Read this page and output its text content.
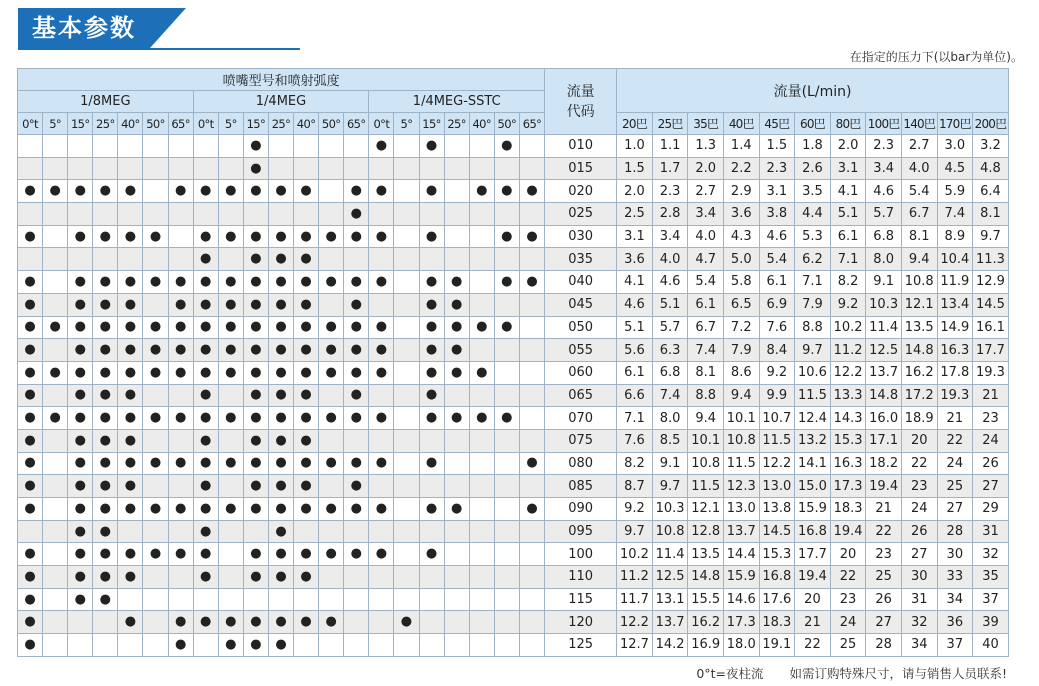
基本参数
在指定的压力下(以bar为单位)。
喷嘴型号和喷射弧度																					流量
代码	流量(L/min)										
1/8MEG							1/4MEG							1/4MEG-SSTC																		
0°t	5°	15°	25°	40°	50°	65°	0°t	5°	15°	25°	40°	50°	65°	0°t	5°	15°	25°	40°	50°	65°		20巴	25巴	35巴	40巴	45巴	60巴	80巴	100巴	140巴	170巴	200巴
									●					●		●			●		010	1.0	1.1	1.3	1.4	1.5	1.8	2.0	2.3	2.7	3.0	3.2
									●												015	1.5	1.7	2.0	2.2	2.3	2.6	3.1	3.4	4.0	4.5	4.8
●	●	●	●	●		●	●	●	●	●	●		●	●		●		●	●	●	020	2.0	2.3	2.7	2.9	3.1	3.5	4.1	4.6	5.4	5.9	6.4
													●								025	2.5	2.8	3.4	3.6	3.8	4.4	5.1	5.7	6.7	7.4	8.1
●		●	●	●	●		●	●	●	●	●	●	●	●		●			●	●	030	3.1	3.4	4.0	4.3	4.6	5.3	6.1	6.8	8.1	8.9	9.7
							●		●	●	●										035	3.6	4.0	4.7	5.0	5.4	6.2	7.1	8.0	9.4	10.4	11.3
●		●	●	●	●	●	●	●	●	●	●	●	●	●		●	●		●	●	040	4.1	4.6	5.4	5.8	6.1	7.1	8.2	9.1	10.8	11.9	12.9
●		●	●	●		●	●	●	●	●	●		●			●	●				045	4.6	5.1	6.1	6.5	6.9	7.9	9.2	10.3	12.1	13.4	14.5
●	●	●	●	●	●	●	●	●	●	●	●	●	●	●		●	●	●	●		050	5.1	5.7	6.7	7.2	7.6	8.8	10.2	11.4	13.5	14.9	16.1
●		●	●	●	●	●	●	●	●	●	●	●	●	●		●	●				055	5.6	6.3	7.4	7.9	8.4	9.7	11.2	12.5	14.8	16.3	17.7
●	●	●	●	●	●	●	●	●	●	●	●	●	●	●		●	●	●			060	6.1	6.8	8.1	8.6	9.2	10.6	12.2	13.7	16.2	17.8	19.3
●		●	●	●			●		●	●	●		●			●					065	6.6	7.4	8.8	9.4	9.9	11.5	13.3	14.8	17.2	19.3	21
●	●	●	●	●	●	●	●	●	●	●	●	●	●	●		●	●	●	●		070	7.1	8.0	9.4	10.1	10.7	12.4	14.3	16.0	18.9	21	23
●		●	●	●			●		●	●	●										075	7.6	8.5	10.1	10.8	11.5	13.2	15.3	17.1	20	22	24
●		●	●	●	●	●	●	●	●	●	●	●	●	●		●				●	080	8.2	9.1	10.8	11.5	12.2	14.1	16.3	18.2	22	24	26
●		●	●	●			●		●	●	●		●								085	8.7	9.7	11.5	12.3	13.0	15.0	17.3	19.4	23	25	27
●		●	●	●	●	●	●	●	●	●	●	●	●	●		●	●			●	090	9.2	10.3	12.1	13.0	13.8	15.9	18.3	21	24	27	29
		●	●				●			●											095	9.7	10.8	12.8	13.7	14.5	16.8	19.4	22	26	28	31
●		●	●	●	●	●	●		●	●	●	●	●	●		●					100	10.2	11.4	13.5	14.4	15.3	17.7	20	23	27	30	32
●		●	●	●			●		●	●	●										110	11.2	12.5	14.8	15.9	16.8	19.4	22	25	30	33	35
●		●	●																		115	11.7	13.1	15.5	14.6	17.6	20	23	26	31	34	37
●				●		●	●	●	●	●	●	●			●						120	12.2	13.7	16.2	17.3	18.3	21	24	27	32	36	39
●						●		●	●	●											125	12.7	14.2	16.9	18.0	19.1	22	25	28	34	37	40
0°t=夜柱流 如需订购特殊尺寸，请与销售人员联系!
